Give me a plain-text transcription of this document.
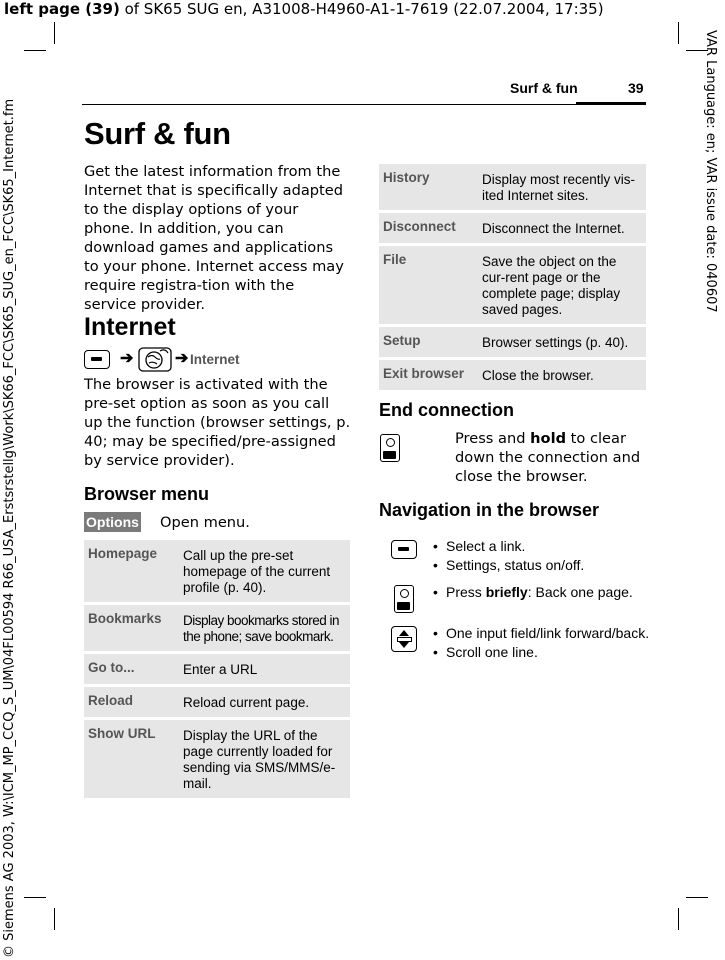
left page (39) of SK65 SUG en, A31008-H4960-A1-1-7619 (22.07.2004, 17:35)
VAR Language: en; VAR issue date: 040607
© Siemens AG 2003, W:\ICM_MP_CCQ_S_UM\04FL00594 R66_USA_Erstsrstellg\Work\SK66_FCC\SK65_SUG_en_FCC\SK65_Internet.fm
Surf & fun	39
Surf & fun
Get the latest information from the Internet that is specifically adapted to the display options of your phone. In addition, you can download games and applications to your phone. Internet access may require registra-tion with the service provider.
Internet
➔	➔ Internet
The browser is activated with the pre-set option as soon as you call up the function (browser settings, p. 40; may be specified/pre-assigned by service provider).
Browser menu
Options Open menu.
Homepage	Call up the pre-set homepage of the current profile (p. 40).
Bookmarks	Display bookmarks stored in the phone; save bookmark.
Go to...	Enter a URL
Reload	Reload current page.
Show URL	Display the URL of the page currently loaded for sending via SMS/MMS/e-mail.
History	Display most recently vis-ited Internet sites.
Disconnect	Disconnect the Internet.
File	Save the object on the cur-rent page or the complete page; display saved pages.
Setup	Browser settings (p. 40).
Exit browser	Close the browser.
End connection
Press and hold to clear down the connection and close the browser.
Navigation in the browser
• Select a link.
• Settings, status on/off.
• Press briefly: Back one page.
• One input field/link forward/back.
• Scroll one line.
